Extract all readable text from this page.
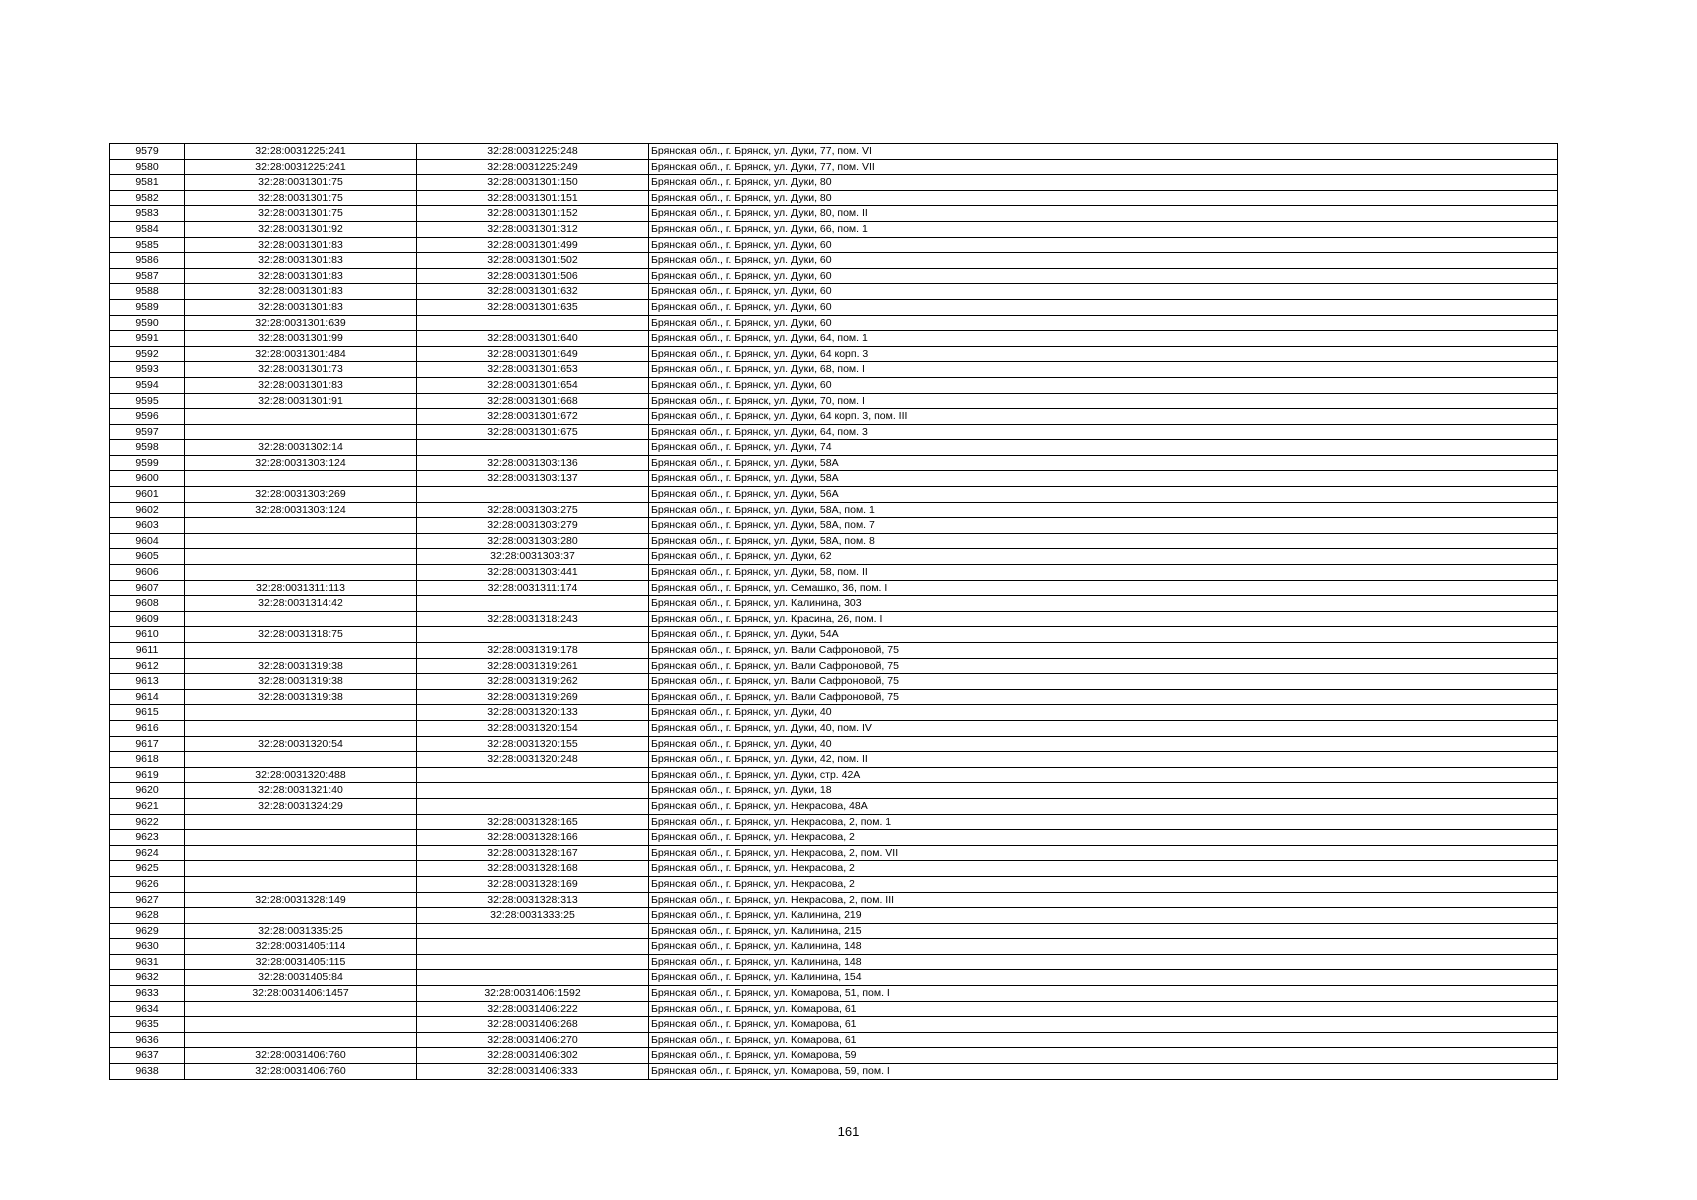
9579	32:28:0031225:241	32:28:0031225:248	Брянская обл., г. Брянск, ул. Дуки, 77, пом. VI
9580	32:28:0031225:241	32:28:0031225:249	Брянская обл., г. Брянск, ул. Дуки, 77, пом. VII
9581	32:28:0031301:75	32:28:0031301:150	Брянская обл., г. Брянск, ул. Дуки, 80
9582	32:28:0031301:75	32:28:0031301:151	Брянская обл., г. Брянск, ул. Дуки, 80
9583	32:28:0031301:75	32:28:0031301:152	Брянская обл., г. Брянск, ул. Дуки, 80, пом. II
9584	32:28:0031301:92	32:28:0031301:312	Брянская обл., г. Брянск, ул. Дуки, 66, пом. 1
9585	32:28:0031301:83	32:28:0031301:499	Брянская обл., г. Брянск, ул. Дуки, 60
9586	32:28:0031301:83	32:28:0031301:502	Брянская обл., г. Брянск, ул. Дуки, 60
9587	32:28:0031301:83	32:28:0031301:506	Брянская обл., г. Брянск, ул. Дуки, 60
9588	32:28:0031301:83	32:28:0031301:632	Брянская обл., г. Брянск, ул. Дуки, 60
9589	32:28:0031301:83	32:28:0031301:635	Брянская обл., г. Брянск, ул. Дуки, 60
9590	32:28:0031301:639		Брянская обл., г. Брянск, ул. Дуки, 60
9591	32:28:0031301:99	32:28:0031301:640	Брянская обл., г. Брянск, ул. Дуки, 64, пом. 1
9592	32:28:0031301:484	32:28:0031301:649	Брянская обл., г. Брянск, ул. Дуки, 64 корп. 3
9593	32:28:0031301:73	32:28:0031301:653	Брянская обл., г. Брянск, ул. Дуки, 68, пом. I
9594	32:28:0031301:83	32:28:0031301:654	Брянская обл., г. Брянск, ул. Дуки, 60
9595	32:28:0031301:91	32:28:0031301:668	Брянская обл., г. Брянск, ул. Дуки, 70, пом. I
9596		32:28:0031301:672	Брянская обл., г. Брянск, ул. Дуки, 64 корп. 3, пом. III
9597		32:28:0031301:675	Брянская обл., г. Брянск, ул. Дуки, 64, пом. 3
9598	32:28:0031302:14		Брянская обл., г. Брянск, ул. Дуки, 74
9599	32:28:0031303:124	32:28:0031303:136	Брянская обл., г. Брянск, ул. Дуки, 58А
9600		32:28:0031303:137	Брянская обл., г. Брянск, ул. Дуки, 58А
9601	32:28:0031303:269		Брянская обл., г. Брянск, ул. Дуки, 56А
9602	32:28:0031303:124	32:28:0031303:275	Брянская обл., г. Брянск, ул. Дуки, 58А, пом. 1
9603		32:28:0031303:279	Брянская обл., г. Брянск, ул. Дуки, 58А, пом. 7
9604		32:28:0031303:280	Брянская обл., г. Брянск, ул. Дуки, 58А, пом. 8
9605		32:28:0031303:37	Брянская обл., г. Брянск, ул. Дуки, 62
9606		32:28:0031303:441	Брянская обл., г. Брянск, ул. Дуки, 58, пом. II
9607	32:28:0031311:113	32:28:0031311:174	Брянская обл., г. Брянск, ул. Семашко, 36, пом. I
9608	32:28:0031314:42		Брянская обл., г. Брянск, ул. Калинина, 303
9609		32:28:0031318:243	Брянская обл., г. Брянск, ул. Красина, 26, пом. I
9610	32:28:0031318:75		Брянская обл., г. Брянск, ул. Дуки, 54А
9611		32:28:0031319:178	Брянская обл., г. Брянск, ул. Вали Сафроновой, 75
9612	32:28:0031319:38	32:28:0031319:261	Брянская обл., г. Брянск, ул. Вали Сафроновой, 75
9613	32:28:0031319:38	32:28:0031319:262	Брянская обл., г. Брянск, ул. Вали Сафроновой, 75
9614	32:28:0031319:38	32:28:0031319:269	Брянская обл., г. Брянск, ул. Вали Сафроновой, 75
9615		32:28:0031320:133	Брянская обл., г. Брянск, ул. Дуки, 40
9616		32:28:0031320:154	Брянская обл., г. Брянск, ул. Дуки, 40, пом. IV
9617	32:28:0031320:54	32:28:0031320:155	Брянская обл., г. Брянск, ул. Дуки, 40
9618		32:28:0031320:248	Брянская обл., г. Брянск, ул. Дуки, 42, пом. II
9619	32:28:0031320:488		Брянская обл., г. Брянск, ул. Дуки, стр. 42А
9620	32:28:0031321:40		Брянская обл., г. Брянск, ул. Дуки, 18
9621	32:28:0031324:29		Брянская обл., г. Брянск, ул. Некрасова, 48А
9622		32:28:0031328:165	Брянская обл., г. Брянск, ул. Некрасова, 2, пом. 1
9623		32:28:0031328:166	Брянская обл., г. Брянск, ул. Некрасова, 2
9624		32:28:0031328:167	Брянская обл., г. Брянск, ул. Некрасова, 2, пом. VII
9625		32:28:0031328:168	Брянская обл., г. Брянск, ул. Некрасова, 2
9626		32:28:0031328:169	Брянская обл., г. Брянск, ул. Некрасова, 2
9627	32:28:0031328:149	32:28:0031328:313	Брянская обл., г. Брянск, ул. Некрасова, 2, пом. III
9628		32:28:0031333:25	Брянская обл., г. Брянск, ул. Калинина, 219
9629	32:28:0031335:25		Брянская обл., г. Брянск, ул. Калинина, 215
9630	32:28:0031405:114		Брянская обл., г. Брянск, ул. Калинина, 148
9631	32:28:0031405:115		Брянская обл., г. Брянск, ул. Калинина, 148
9632	32:28:0031405:84		Брянская обл., г. Брянск, ул. Калинина, 154
9633	32:28:0031406:1457	32:28:0031406:1592	Брянская обл., г. Брянск, ул. Комарова, 51, пом. I
9634		32:28:0031406:222	Брянская обл., г. Брянск, ул. Комарова, 61
9635		32:28:0031406:268	Брянская обл., г. Брянск, ул. Комарова, 61
9636		32:28:0031406:270	Брянская обл., г. Брянск, ул. Комарова, 61
9637	32:28:0031406:760	32:28:0031406:302	Брянская обл., г. Брянск, ул. Комарова, 59
9638	32:28:0031406:760	32:28:0031406:333	Брянская обл., г. Брянск, ул. Комарова, 59, пом. I
161
